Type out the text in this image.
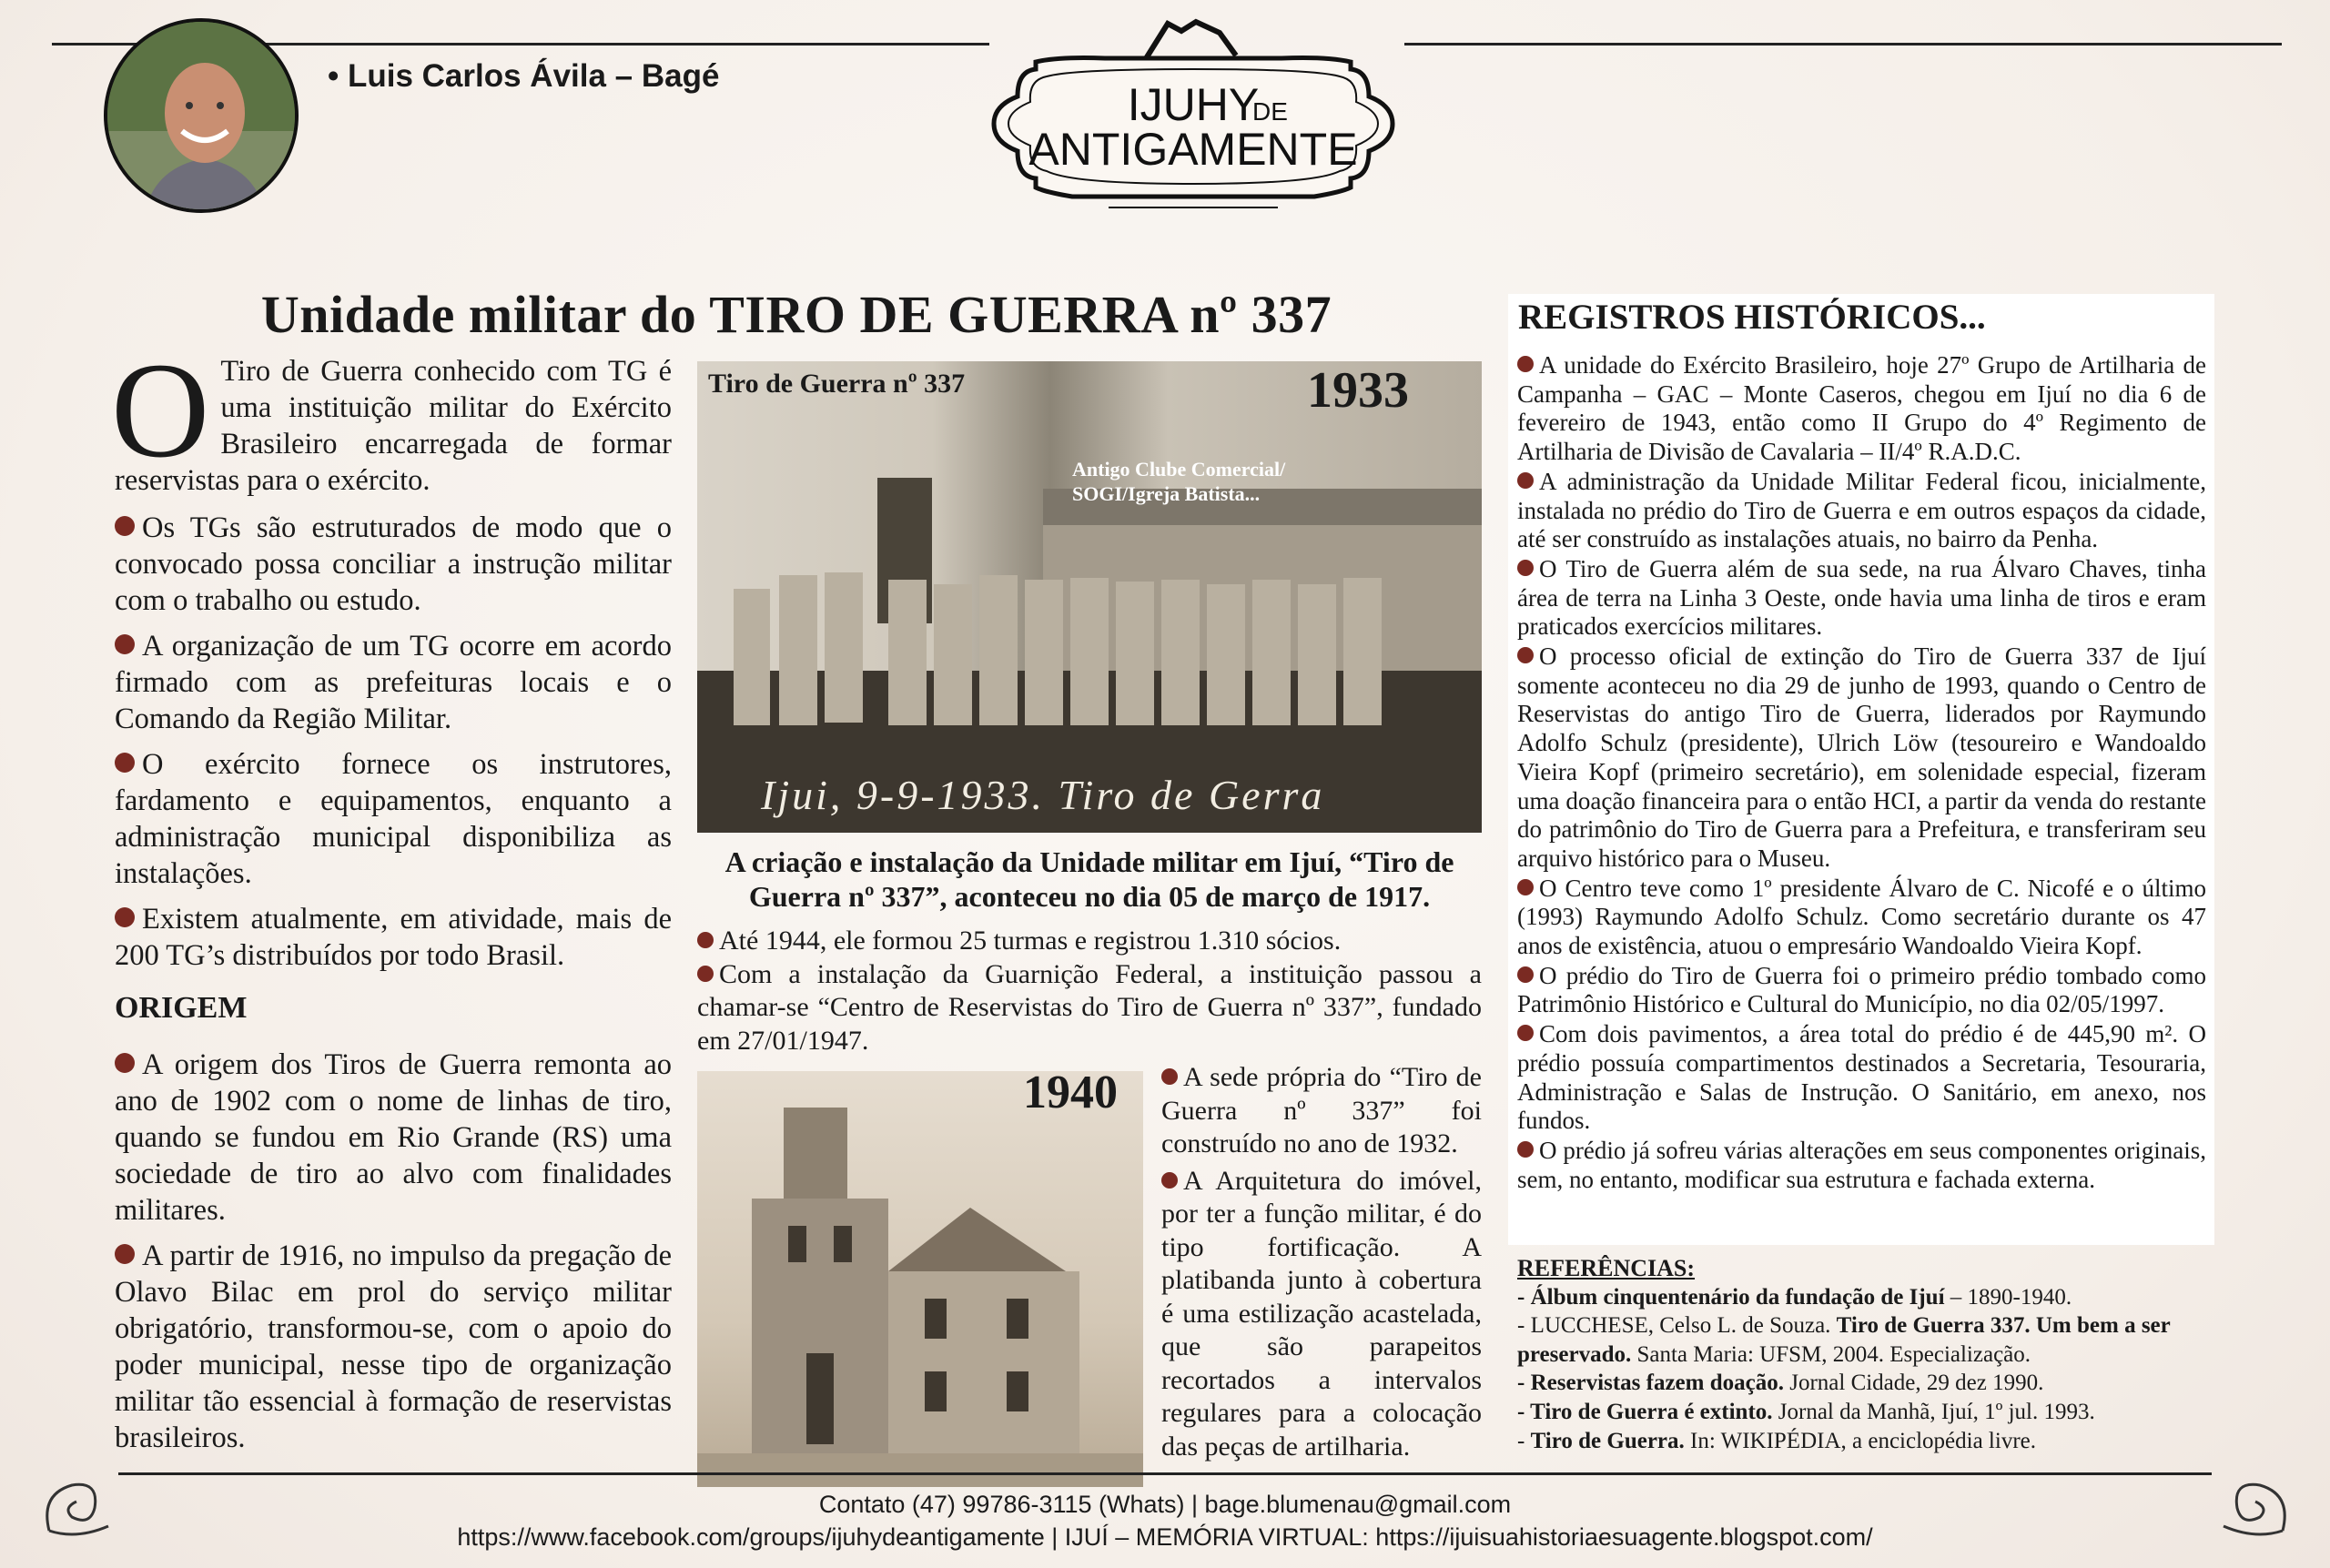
• Luis Carlos Ávila – Bagé
IJUHY
DE
ANTIGAMENTE
Unidade militar do TIRO DE GUERRA nº 337

O Tiro de Guerra conhecido com TG é uma instituição militar do Exército Brasileiro encarregada de formar reservistas para o exército.

Os TGs são estruturados de modo que o convocado possa conciliar a instrução militar com o trabalho ou estudo.

A organização de um TG ocorre em acordo firmado com as prefeituras locais e o Comando da Região Militar.

O exército fornece os instrutores, fardamento e equipamentos, enquanto a administração municipal disponibiliza as instalações.

Existem atualmente, em atividade, mais de 200 TG’s distribuídos por todo Brasil.

ORIGEM

A origem dos Tiros de Guerra remonta ao ano de 1902 com o nome de linhas de tiro, quando se fundou em Rio Grande (RS) uma sociedade de tiro ao alvo com finalidades militares.

A partir de 1916, no impulso da pregação de Olavo Bilac em prol do serviço militar obrigatório, transformou-se, com o apoio do poder municipal, nesse tipo de organização militar tão essencial à formação de reservistas brasileiros.

Tiro de Guerra nº 337	1933
Antigo Clube Comercial/
SOGI/Igreja Batista...
Ijui, 9-9-1933. Tiro de Gerra
A criação e instalação da Unidade militar em Ijuí, “Tiro de Guerra nº 337”, aconteceu no dia 05 de março de 1917.

Até 1944, ele formou 25 turmas e registrou 1.310 sócios.

1940

Com a instalação da Guarnição Federal, a instituição passou a chamar-se “Centro de Reservistas do Tiro de Guerra nº 337”, fundado em 27/01/1947.

A sede própria do “Tiro de Guerra nº 337” foi construído no ano de 1932.

A Arquitetura do imóvel, por ter a função militar, é do tipo fortificação. A platibanda junto à cobertura é uma estilização acastelada, que são parapeitos recortados a intervalos regulares para a colocação das peças de artilharia.

REGISTROS HISTÓRICOS...

A unidade do Exército Brasileiro, hoje 27º Grupo de Artilharia de Campanha – GAC – Monte Caseros, chegou em Ijuí no dia 6 de fevereiro de 1943, então como II Grupo do 4º Regimento de Artilharia de Divisão de Cavalaria – II/4º R.A.D.C.

A administração da Unidade Militar Federal ficou, inicialmente, instalada no prédio do Tiro de Guerra e em outros espaços da cidade, até ser construído as instalações atuais, no bairro da Penha.

O Tiro de Guerra além de sua sede, na rua Álvaro Chaves, tinha área de terra na Linha 3 Oeste, onde havia uma linha de tiros e eram praticados exercícios militares.

O processo oficial de extinção do Tiro de Guerra 337 de Ijuí somente aconteceu no dia 29 de junho de 1993, quando o Centro de Reservistas do antigo Tiro de Guerra, liderados por Raymundo Adolfo Schulz (presidente), Ulrich Löw (tesoureiro e Wandoaldo Vieira Kopf (primeiro secretário), em solenidade especial, fizeram uma doação financeira para o então HCI, a partir da venda do restante do patrimônio do Tiro de Guerra para a Prefeitura, e transferiram seu arquivo histórico para o Museu.

O Centro teve como 1º presidente Álvaro de C. Nicofé e o último (1993) Raymundo Adolfo Schulz. Como secretário durante os 47 anos de existência, atuou o empresário Wandoaldo Vieira Kopf.

O prédio do Tiro de Guerra foi o primeiro prédio tombado como Patrimônio Histórico e Cultural do Município, no dia 02/05/1997.

Com dois pavimentos, a área total do prédio é de 445,90 m². O prédio possuía compartimentos destinados a Secretaria, Tesouraria, Administração e Salas de Instrução. O Sanitário, em anexo, nos fundos.

O prédio já sofreu várias alterações em seus componentes originais, sem, no entanto, modificar sua estrutura e fachada externa.

REFERÊNCIAS:

- Álbum cinquentenário da fundação de Ijuí – 1890-1940.

- LUCCHESE, Celso L. de Souza. Tiro de Guerra 337. Um bem a ser preservado. Santa Maria: UFSM, 2004. Especialização.

- Reservistas fazem doação. Jornal Cidade, 29 dez 1990.

- Tiro de Guerra é extinto. Jornal da Manhã, Ijuí, 1º jul. 1993.

- Tiro de Guerra. In: WIKIPÉDIA, a enciclopédia livre.

Contato (47) 99786-3115 (Whats) | bage.blumenau@gmail.com
https://www.facebook.com/groups/ijuhydeantigamente | IJUÍ – MEMÓRIA VIRTUAL: https://ijuisuahistoriaesuagente.blogspot.com/
